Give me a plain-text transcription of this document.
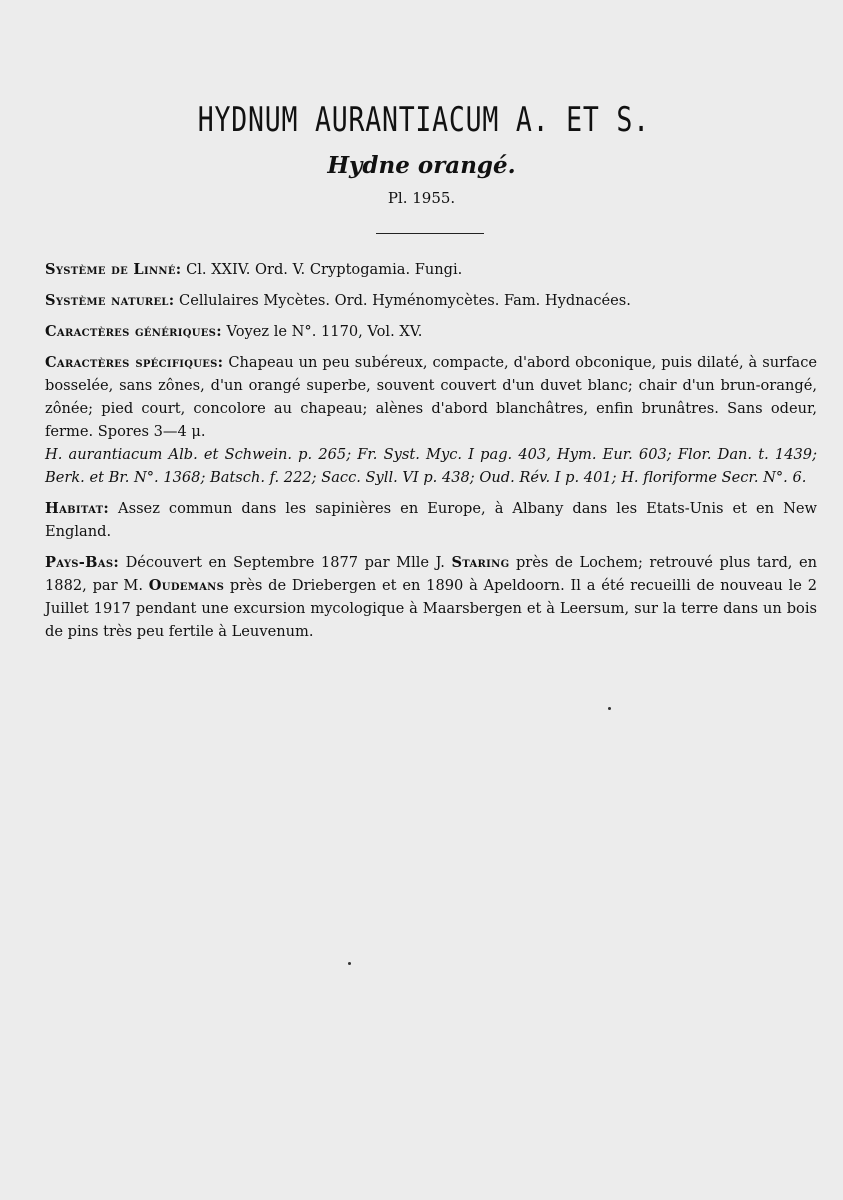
HYDNUM AURANTIACUM A. ET S.
Hydne orangé.
Pl. 1955.

Système de Linné: Cl. XXIV. Ord. V. Cryptogamia. Fungi.

Système naturel: Cellulaires Mycètes. Ord. Hyménomycètes. Fam. Hydnacées.

Caractères génériques: Voyez le N°. 1170, Vol. XV.

Caractères spécifiques: Chapeau un peu subéreux, compacte, d'abord obconique, puis dilaté, à surface bosselée, sans zônes, d'un orangé superbe, souvent couvert d'un duvet blanc; chair d'un brun-orangé, zônée; pied court, concolore au chapeau; alènes d'abord blanchâtres, enfin brunâtres. Sans odeur, ferme. Spores 3—4 μ.

H. aurantiacum Alb. et Schwein. p. 265; Fr. Syst. Myc. I pag. 403, Hym. Eur. 603; Flor. Dan. t. 1439; Berk. et Br. N°. 1368; Batsch. f. 222; Sacc. Syll. VI p. 438; Oud. Rév. I p. 401; H. floriforme Secr. N°. 6.

Habitat: Assez commun dans les sapinières en Europe, à Albany dans les Etats-Unis et en New England.

Pays-Bas: Découvert en Septembre 1877 par Mlle J. Staring près de Lochem; retrouvé plus tard, en 1882, par M. Oudemans près de Driebergen et en 1890 à Apeldoorn. Il a été recueilli de nouveau le 2 Juillet 1917 pendant une excursion mycologique à Maarsbergen et à Leersum, sur la terre dans un bois de pins très peu fertile à Leuvenum.
